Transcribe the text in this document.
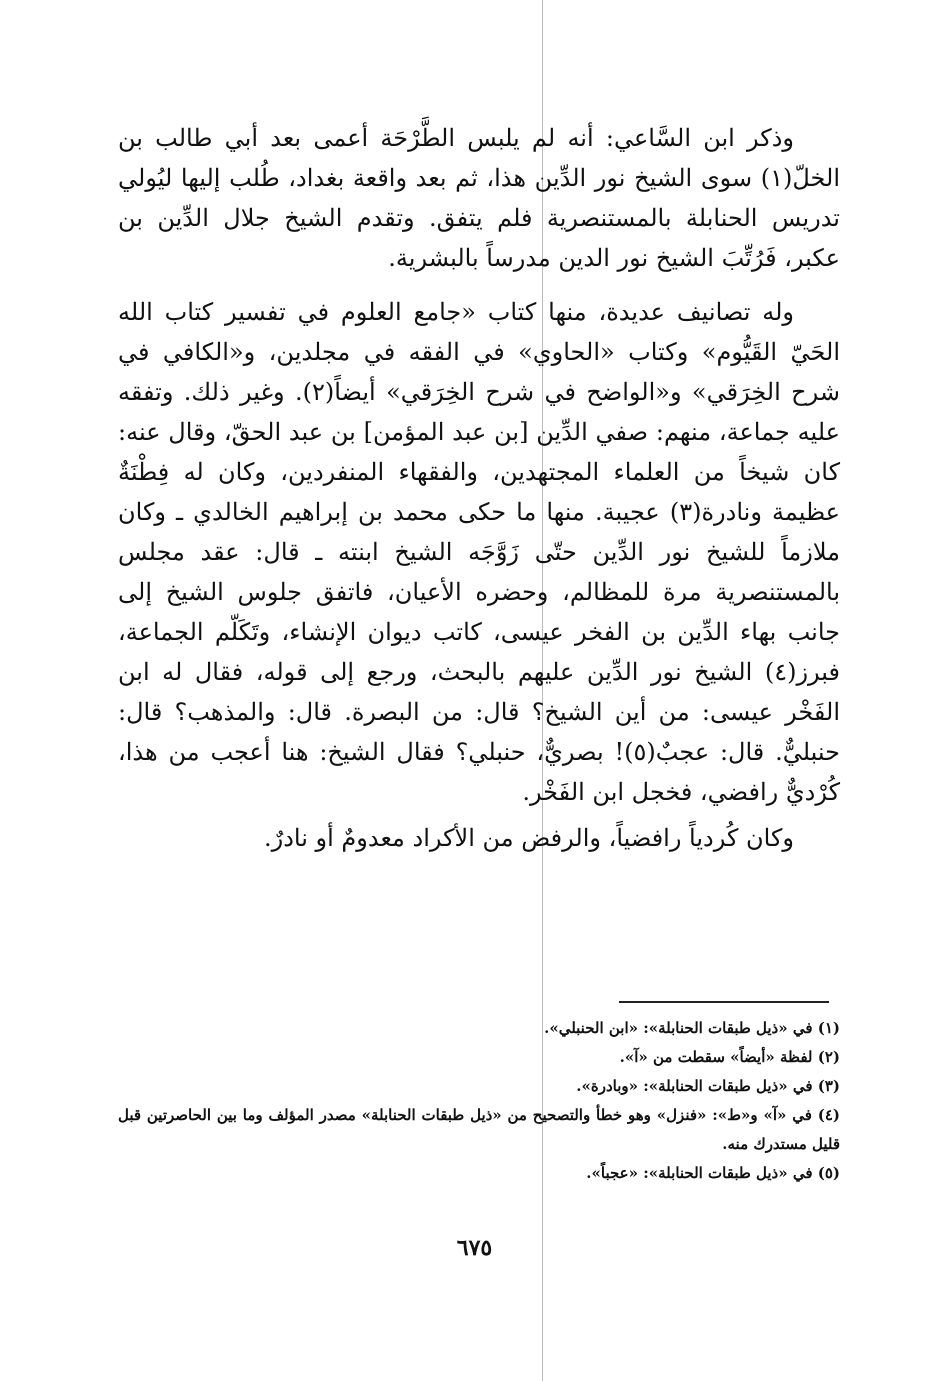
وذكر ابن السَّاعي: أنه لم يلبس الطَّرْحَة أعمى بعد أبي طالب بن الخلّ(١) سوى الشيخ نور الدِّين هذا، ثم بعد واقعة بغداد، طُلب إليها ليُولي تدريس الحنابلة بالمستنصرية فلم يتفق. وتقدم الشيخ جلال الدِّين بن عكبر، فَرُتِّبَ الشيخ نور الدين مدرساً بالبشرية.

وله تصانيف عديدة، منها كتاب «جامع العلوم في تفسير كتاب الله الحَيّ القَيُّوم» وكتاب «الحاوي» في الفقه في مجلدين، و«الكافي في شرح الخِرَقي» و«الواضح في شرح الخِرَقي» أيضاً(٢). وغير ذلك. وتفقه عليه جماعة، منهم: صفي الدِّين [بن عبد المؤمن] بن عبد الحقّ، وقال عنه: كان شيخاً من العلماء المجتهدين، والفقهاء المنفردين، وكان له فِطْنَةٌ عظيمة ونادرة(٣) عجيبة. منها ما حكى محمد بن إبراهيم الخالدي ـ وكان ملازماً للشيخ نور الدِّين حتّى زَوَّجَه الشيخ ابنته ـ قال: عقد مجلس بالمستنصرية مرة للمظالم، وحضره الأعيان، فاتفق جلوس الشيخ إلى جانب بهاء الدِّين بن الفخر عيسى، كاتب ديوان الإنشاء، وتَكَلّم الجماعة، فبرز(٤) الشيخ نور الدِّين عليهم بالبحث، ورجع إلى قوله، فقال له ابن الفَخْر عيسى: من أين الشيخ؟ قال: من البصرة. قال: والمذهب؟ قال: حنبليٌّ. قال: عجبٌ(٥)! بصريٌّ، حنبلي؟ فقال الشيخ: هنا أعجب من هذا، كُرْديٌّ رافضي، فخجل ابن الفَخْر.

وكان كُردياً رافضياً، والرفض من الأكراد معدومٌ أو نادرٌ.

(١) في «ذيل طبقات الحنابلة»: «ابن الحنبلي».

(٢) لفظة «أيضاً» سقطت من «آ».

(٣) في «ذيل طبقات الحنابلة»: «وبادرة».

(٤) في «آ» و«ط»: «فنزل» وهو خطأ والتصحيح من «ذيل طبقات الحنابلة» مصدر المؤلف وما بين الحاصرتين قبل قليل مستدرك منه.

(٥) في «ذيل طبقات الحنابلة»: «عجباً».

٦٧٥
